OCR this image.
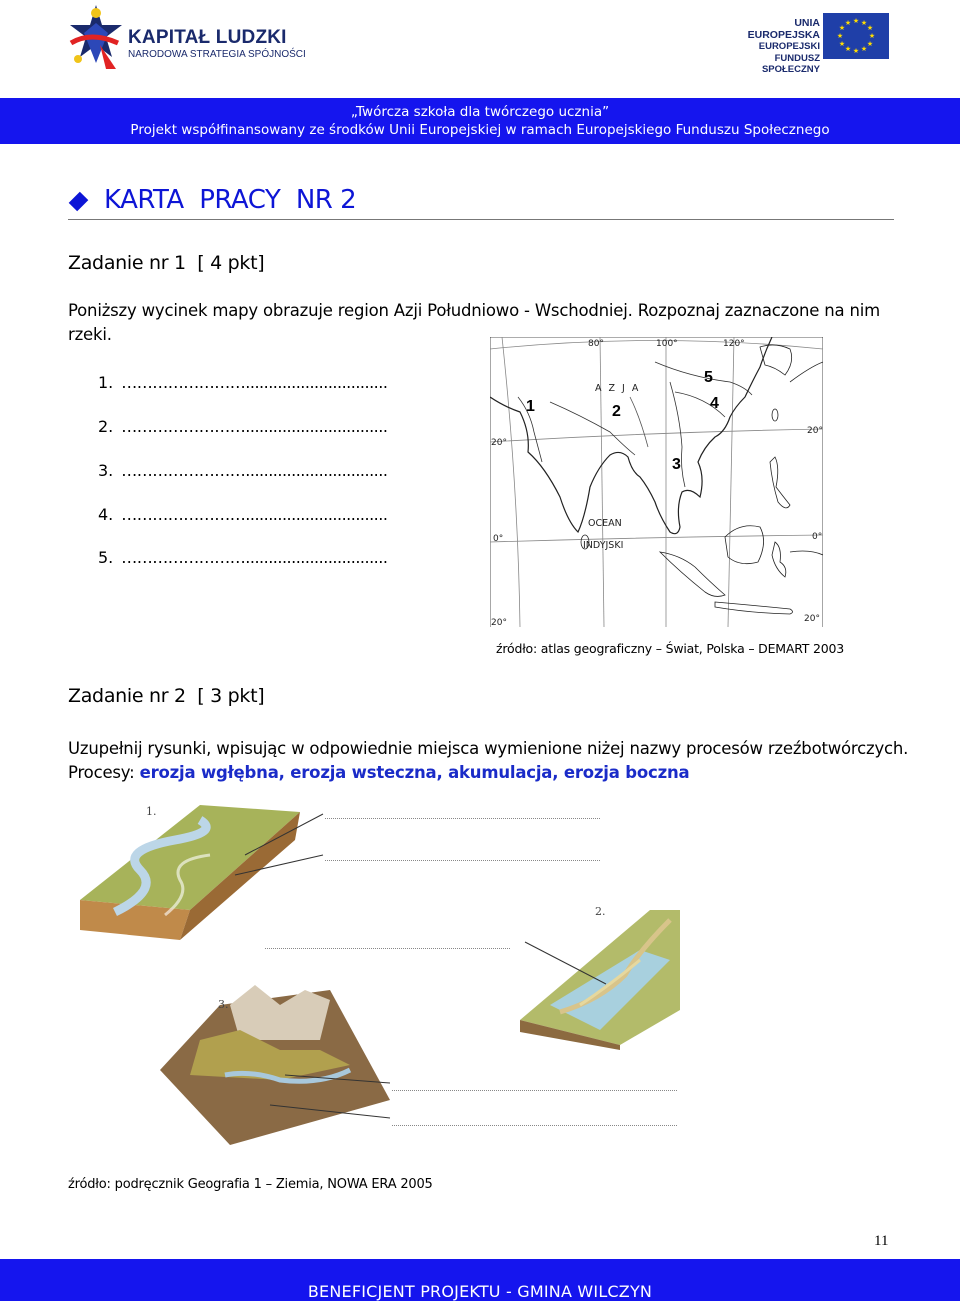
KAPITAŁ LUDZKI
NARODOWA STRATEGIA SPÓJNOŚCI
UNIA EUROPEJSKA
EUROPEJSKI
FUNDUSZ SPOŁECZNY
★ ★
★
★
★
★
★
★
★
★
★
★
„Twórcza szkoła dla twórczego ucznia”
Projekt współfinansowany ze środków Unii Europejskiej w ramach Europejskiego Funduszu Społecznego
KARTA  PRACY  NR 2
Zadanie nr 1  [ 4 pkt]
Poniższy wycinek mapy obrazuje region Azji Południowo - Wschodniej. Rozpoznaj zaznaczone na nim
rzeki.
1. ……………………...............................
2. ……………………...............................
3. ……………………...............................
4. ……………………...............................
5. ……………………...............................
80°	100°	120°
20°
0°
20°
20°
0°
20°
A Z J A
OCEAN
INDYJSKI
1	2
3
4
5
źródło: atlas geograficzny – Świat, Polska – DEMART 2003
Zadanie nr 2  [ 3 pkt]
Uzupełnij rysunki, wpisując w odpowiednie miejsca wymienione niżej nazwy procesów rzeźbotwórczych.
Procesy: erozja wgłębna, erozja wsteczna, akumulacja, erozja boczna
1.
2.
3.
źródło: podręcznik Geografia 1 – Ziemia, NOWA ERA 2005
11
BENEFICJENT PROJEKTU - GMINA WILCZYN
